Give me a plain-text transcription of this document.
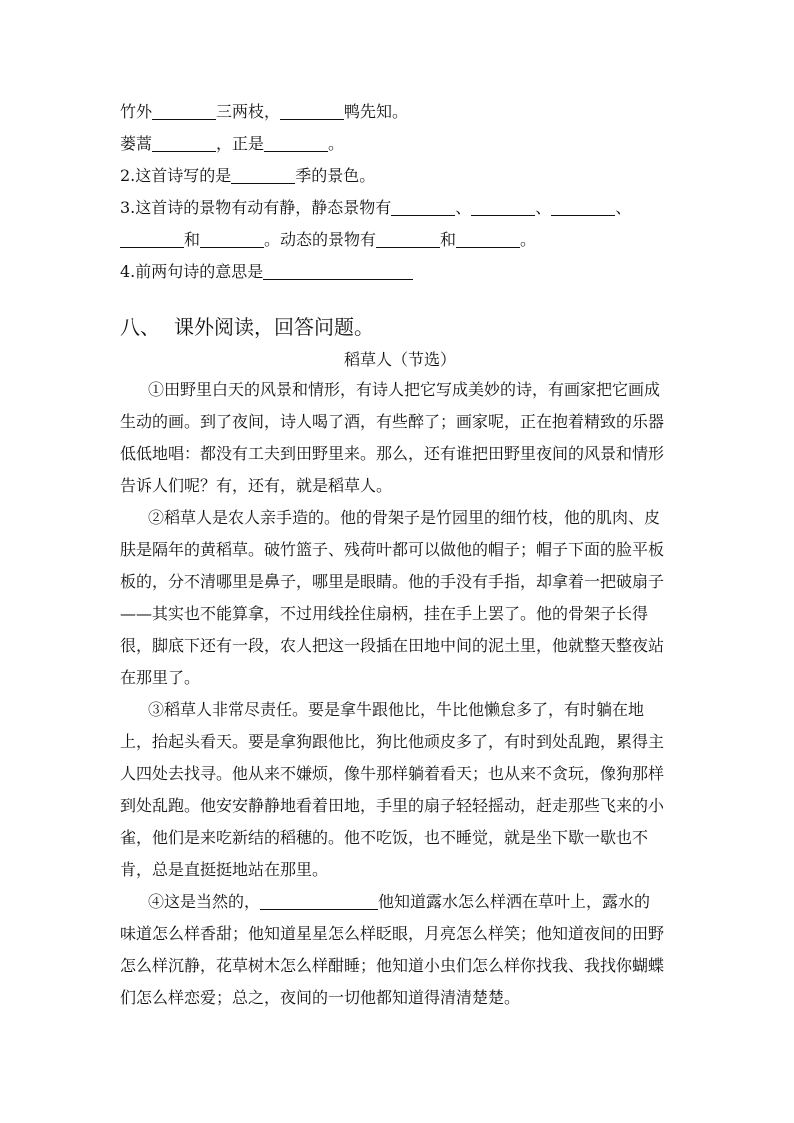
竹外	三两枝，	鸭先知。
蒌蒿	，正是	。
2.这首诗写的是	季的景色。
3.这首诗的景物有动有静，静态景物有	、	、	、
和	。动态的景物有	和	。
4.前两句诗的意思是
八、 课外阅读，回答问题。
稻草人（节选）

①田野里白天的风景和情形，有诗人把它写成美妙的诗，有画家把它画成
生动的画。到了夜间，诗人喝了酒，有些醉了；画家呢，正在抱着精致的乐器
低低地唱：都没有工夫到田野里来。那么，还有谁把田野里夜间的风景和情形
告诉人们呢？有，还有，就是稻草人。

②稻草人是农人亲手造的。他的骨架子是竹园里的细竹枝，他的肌肉、皮
肤是隔年的黄稻草。破竹篮子、残荷叶都可以做他的帽子；帽子下面的脸平板
板的，分不清哪里是鼻子，哪里是眼睛。他的手没有手指，却拿着一把破扇子
——其实也不能算拿，不过用线拴住扇柄，挂在手上罢了。他的骨架子长得
很，脚底下还有一段，农人把这一段插在田地中间的泥土里，他就整天整夜站
在那里了。

③稻草人非常尽责任。要是拿牛跟他比，牛比他懒怠多了，有时躺在地
上，抬起头看天。要是拿狗跟他比，狗比他顽皮多了，有时到处乱跑，累得主
人四处去找寻。他从来不嫌烦，像牛那样躺着看天；也从来不贪玩，像狗那样
到处乱跑。他安安静静地看着田地，手里的扇子轻轻摇动，赶走那些飞来的小
雀，他们是来吃新结的稻穗的。他不吃饭，也不睡觉，就是坐下歇一歇也不
肯，总是直挺挺地站在那里。

④这是当然的，	他知道露水怎么样洒在草叶上，露水的
味道怎么样香甜；他知道星星怎么样眨眼，月亮怎么样笑；他知道夜间的田野
怎么样沉静，花草树木怎么样酣睡；他知道小虫们怎么样你找我、我找你蝴蝶
们怎么样恋爱；总之，夜间的一切他都知道得清清楚楚。
